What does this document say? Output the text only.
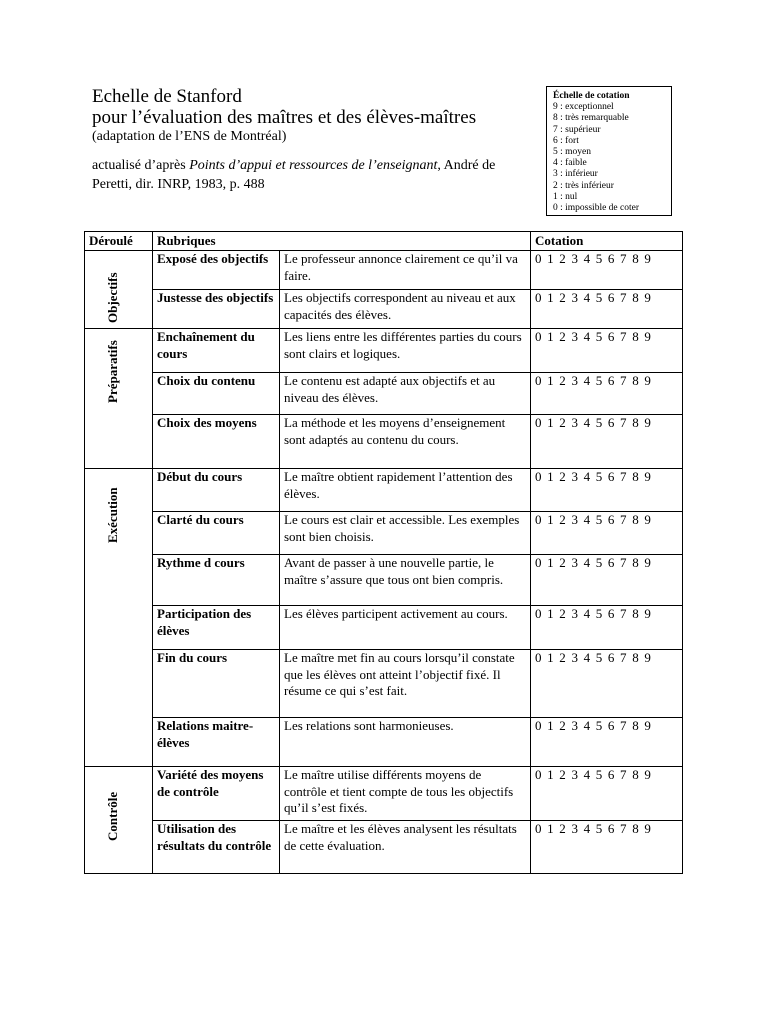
Echelle de Stanford
pour l’évaluation des maîtres et des élèves-maîtres
(adaptation de l’ENS de Montréal)
actualisé d’après Points d’appui et ressources de l’enseignant, André de Peretti, dir. INRP, 1983, p. 488
Échelle de cotation
9 : exceptionnel
8 : très remarquable
7 : supérieur
6 : fort
5 : moyen
4 : faible
3 : inférieur
2 : très inférieur
1 : nul
0 : impossible de coter
Déroulé	Rubriques		Cotation

Objectifs	Exposé des objectifs	Le professeur annonce clairement ce qu’il va faire.	0 1 2 3 4 5 6 7 8 9
	Justesse des objectifs	Les objectifs correspondent au niveau et aux capacités des élèves.	0 1 2 3 4 5 6 7 8 9

Préparatifs	Enchaînement du cours	Les liens entre les différentes parties du cours sont clairs et logiques.	0 1 2 3 4 5 6 7 8 9
	Choix du contenu	Le contenu est adapté aux objectifs et au niveau des élèves.	0 1 2 3 4 5 6 7 8 9
	Choix des moyens	La méthode et les moyens d’enseignement sont adaptés au contenu du cours.	0 1 2 3 4 5 6 7 8 9

Exécution	Début du cours	Le maître obtient rapidement l’attention des élèves.	0 1 2 3 4 5 6 7 8 9
	Clarté du cours	Le cours est clair et accessible. Les exemples sont bien choisis.	0 1 2 3 4 5 6 7 8 9
	Rythme d cours	Avant de passer à une nouvelle partie, le maître s’assure que tous ont bien compris.	0 1 2 3 4 5 6 7 8 9
	Participation des élèves	Les élèves participent activement au cours.	0 1 2 3 4 5 6 7 8 9
	Fin du cours	Le maître met fin au cours lorsqu’il constate que les élèves ont atteint l’objectif fixé. Il résume ce qui s’est fait.	0 1 2 3 4 5 6 7 8 9
	Relations maitre-élèves	Les relations sont harmonieuses.	0 1 2 3 4 5 6 7 8 9

Contrôle	Variété des moyens de contrôle	Le maître utilise différents moyens de contrôle et tient compte de tous les objectifs qu’il s’est fixés.	0 1 2 3 4 5 6 7 8 9
	Utilisation des résultats du contrôle	Le maître et les élèves analysent les résultats de cette évaluation.	0 1 2 3 4 5 6 7 8 9
